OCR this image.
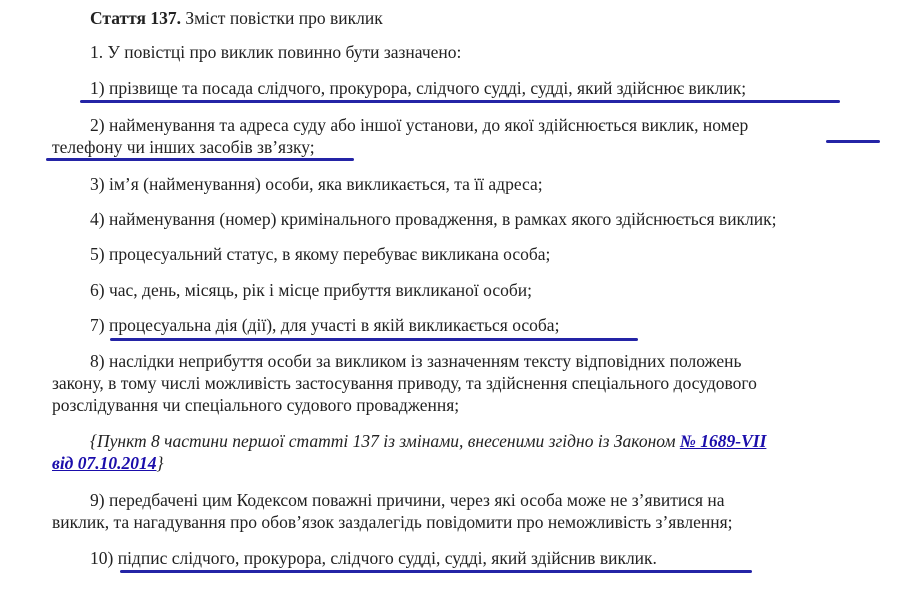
Стаття 137. Зміст повістки про виклик
1. У повістці про виклик повинно бути зазначено:
1) прізвище та посада слідчого, прокурора, слідчого судді, судді, який здійснює виклик;
2) найменування та адреса суду або іншої установи, до якої здійснюється виклик, номер
телефону чи інших засобів зв’язку;
3) ім’я (найменування) особи, яка викликається, та її адреса;
4) найменування (номер) кримінального провадження, в рамках якого здійснюється виклик;
5) процесуальний статус, в якому перебуває викликана особа;
6) час, день, місяць, рік і місце прибуття викликаної особи;
7) процесуальна дія (дії), для участі в якій викликається особа;
8) наслідки неприбуття особи за викликом із зазначенням тексту відповідних положень
закону, в тому числі можливість застосування приводу, та здійснення спеціального досудового
розслідування чи спеціального судового провадження;
{Пункт 8 частини першої статті 137 із змінами, внесеними згідно із Законом № 1689-VII
від 07.10.2014}
9) передбачені цим Кодексом поважні причини, через які особа може не з’явитися на
виклик, та нагадування про обов’язок заздалегідь повідомити про неможливість з’явлення;
10) підпис слідчого, прокурора, слідчого судді, судді, який здійснив виклик.
